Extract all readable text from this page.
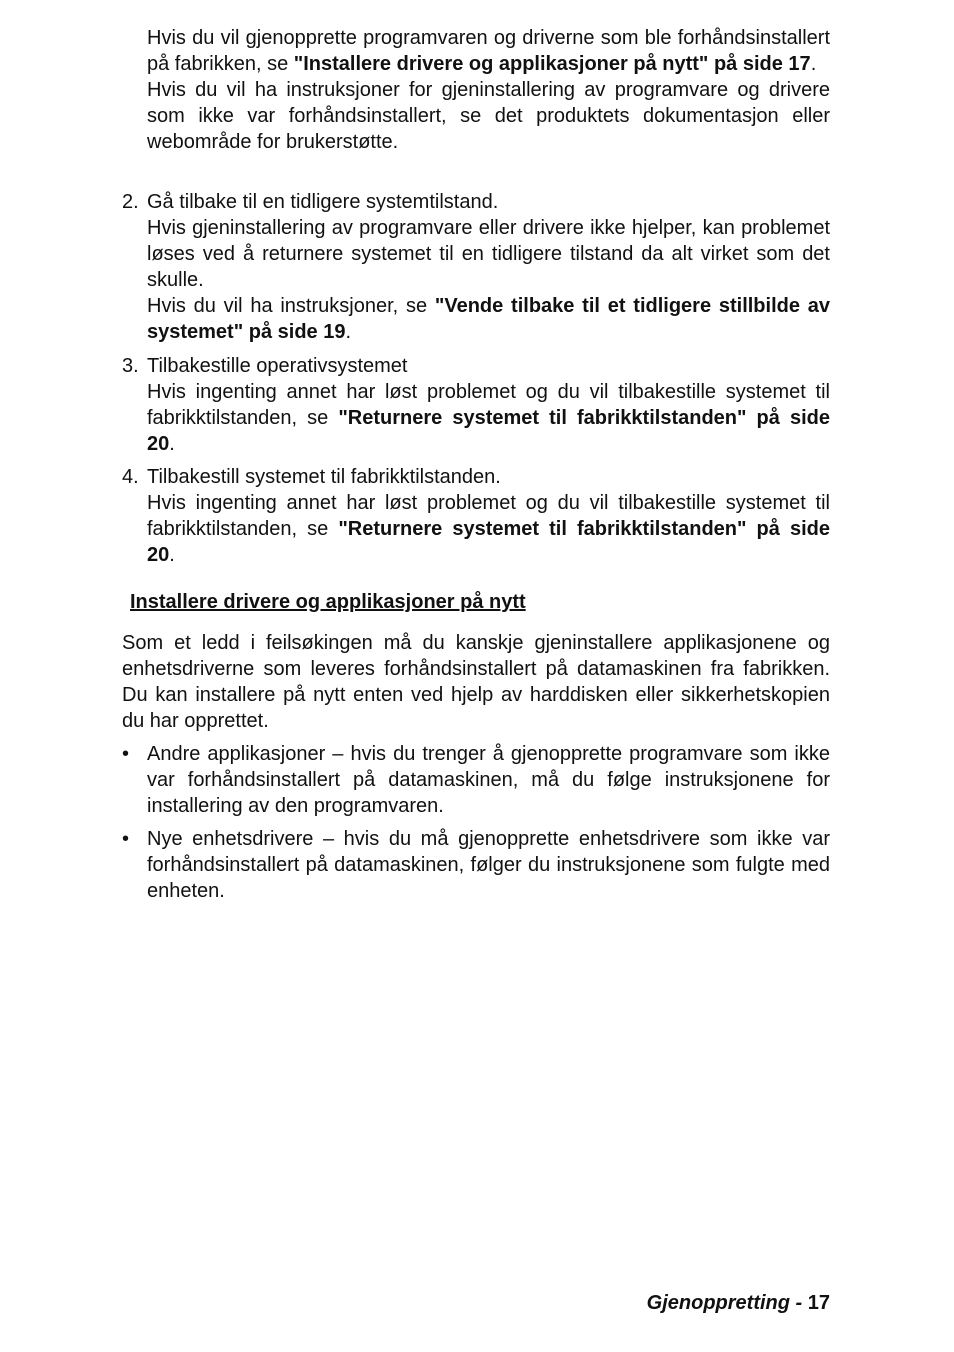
Hvis du vil gjenopprette programvaren og driverne som ble forhåndsinstallert på fabrikken, se "Installere drivere og applikasjoner på nytt" på side 17.

Hvis du vil ha instruksjoner for gjeninstallering av programvare og drivere som ikke var forhåndsinstallert, se det produktets dokumentasjon eller webområde for brukerstøtte.

2. Gå tilbake til en tidligere systemtilstand.

Hvis gjeninstallering av programvare eller drivere ikke hjelper, kan problemet løses ved å returnere systemet til en tidligere tilstand da alt virket som det skulle.

Hvis du vil ha instruksjoner, se "Vende tilbake til et tidligere stillbilde av systemet" på side 19.

3. Tilbakestille operativsystemet

Hvis ingenting annet har løst problemet og du vil tilbakestille systemet til fabrikktilstanden, se "Returnere systemet til fabrikktilstanden" på side 20.

4. Tilbakestill systemet til fabrikktilstanden.

Hvis ingenting annet har løst problemet og du vil tilbakestille systemet til fabrikktilstanden, se "Returnere systemet til fabrikktilstanden" på side 20.

Installere drivere og applikasjoner på nytt

Som et ledd i feilsøkingen må du kanskje gjeninstallere applikasjonene og enhetsdriverne som leveres forhåndsinstallert på datamaskinen fra fabrikken. Du kan installere på nytt enten ved hjelp av harddisken eller sikkerhetskopien du har opprettet.

• Andre applikasjoner – hvis du trenger å gjenopprette programvare som ikke var forhåndsinstallert på datamaskinen, må du følge instruksjonene for installering av den programvaren.
• Nye enhetsdrivere – hvis du må gjenopprette enhetsdrivere som ikke var forhåndsinstallert på datamaskinen, følger du instruksjonene som fulgte med enheten.
Gjenoppretting - 17
